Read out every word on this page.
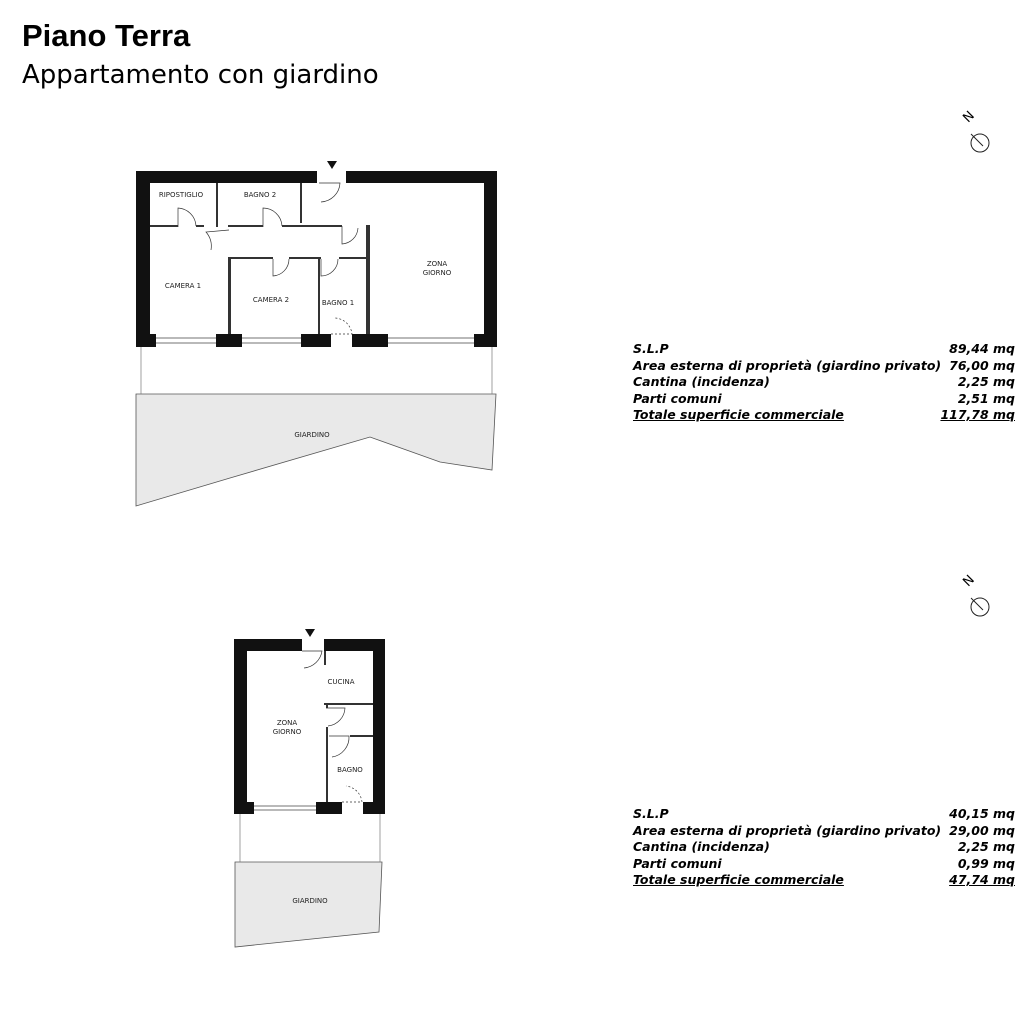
Piano Terra
Appartamento con giardino
RIPOSTIGLIO	BAGNO 2
CAMERA 1
CAMERA 2	BAGNO 1
ZONA
GIORNO
GIARDINO
N
CUCINA
ZONA
GIORNO
BAGNO
GIARDINO
N
S.L.P	89,44 mq
Area esterna di proprietà (giardino privato) 76,00 mq
Cantina (incidenza)	2,25 mq
Parti comuni	2,51 mq
Totale superficie commerciale	117,78 mq
S.L.P	40,15 mq
Area esterna di proprietà (giardino privato) 29,00 mq
Cantina (incidenza)	2,25 mq
Parti comuni	0,99 mq
Totale superficie commerciale	47,74 mq
